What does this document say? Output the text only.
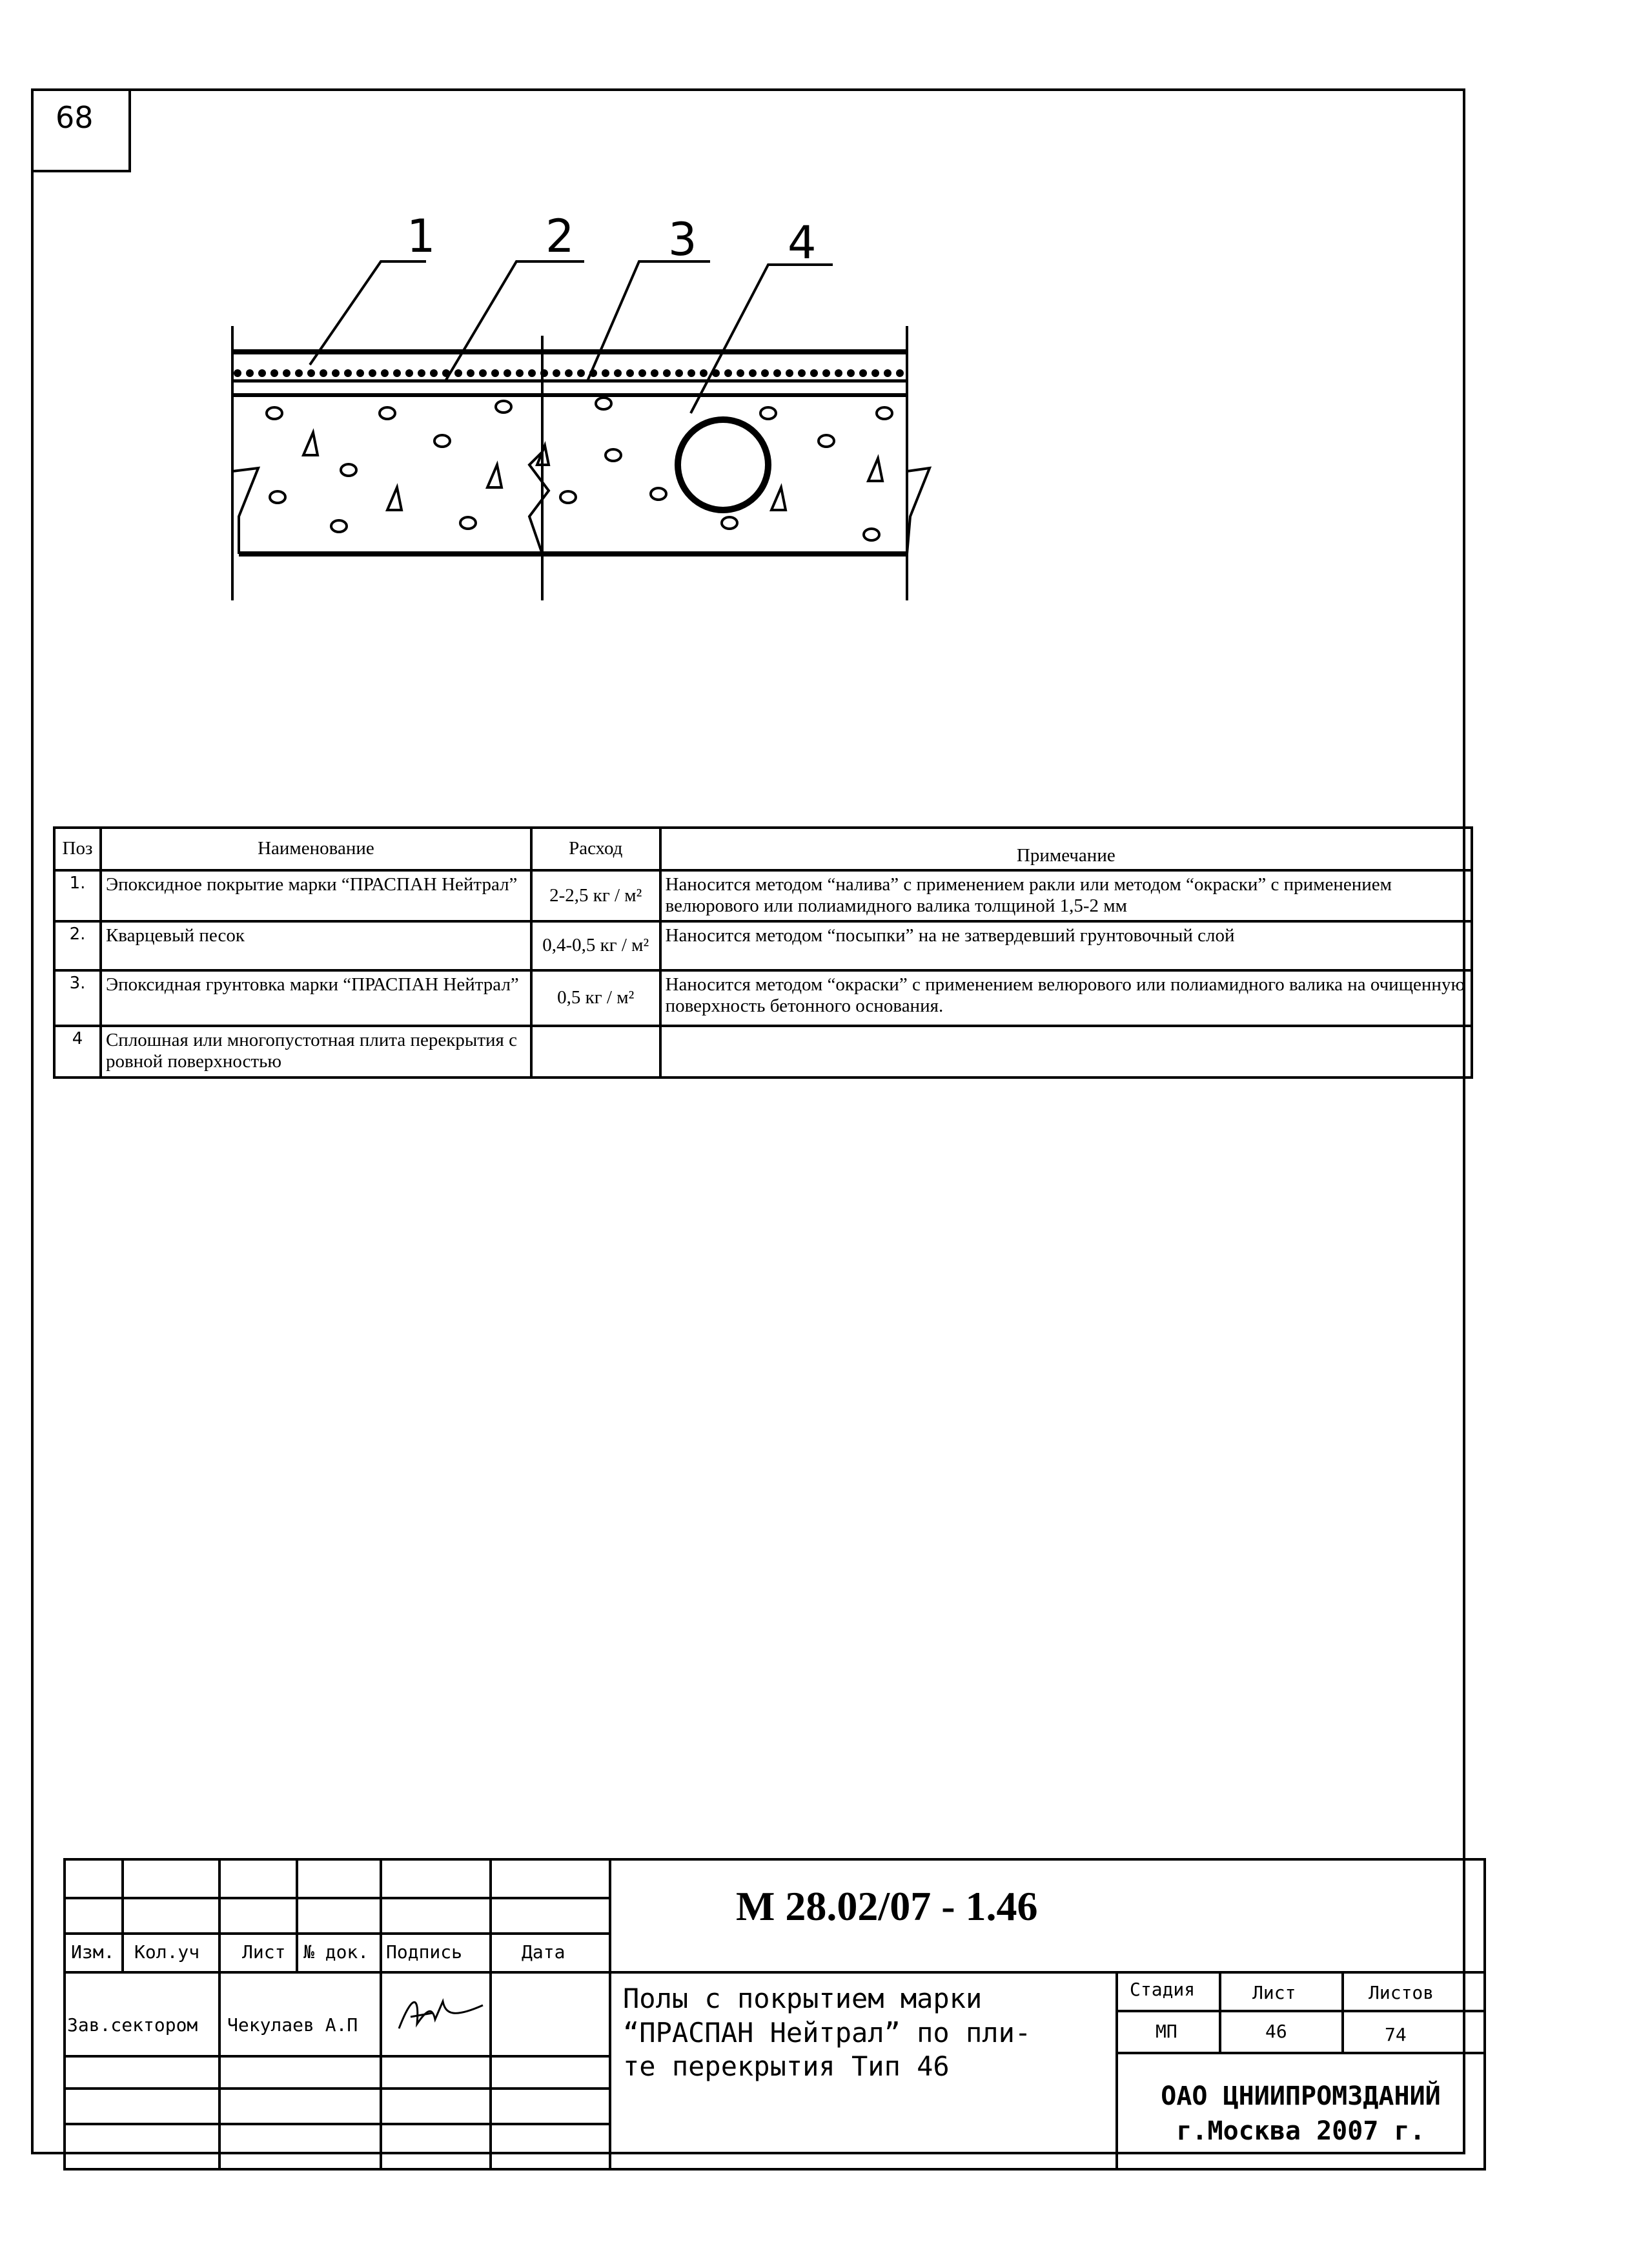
68
1 2 3 4
Поз	Наименование	Расход	Примечание
1.	Эпоксидное покрытие марки “ПРАСПАН Нейтрал”	2-2,5 кг / м²	Наносится методом “налива” с применением ракли или методом “окраски” с применением велюрового или полиамидного валика толщиной 1,5-2 мм
2.	Кварцевый песок	0,4-0,5 кг / м²	Наносится методом “посыпки” на не затвердевший грунтовочный слой
3.	Эпоксидная грунтовка марки “ПРАСПАН Нейтрал”	0,5 кг / м²	Наносится методом “окраски” с применением велюрового или полиамидного валика на очищенную поверхность бетонного основания.
4	Сплошная или многопустотная плита перекрытия с ровной поверхностью		
Изм. Кол.уч Лист № док. Подпись	Дата
Зав.сектором Чекулаев А.П
М 28.02/07 - 1.46
Полы с покрытием марки
“ПРАСПАН Нейтрал” по пли-
те перекрытия Тип 46
Стадия	Лист	Листов
МП	46	74
ОАО ЦНИИПРОМЗДАНИЙ
г.Москва 2007 г.
